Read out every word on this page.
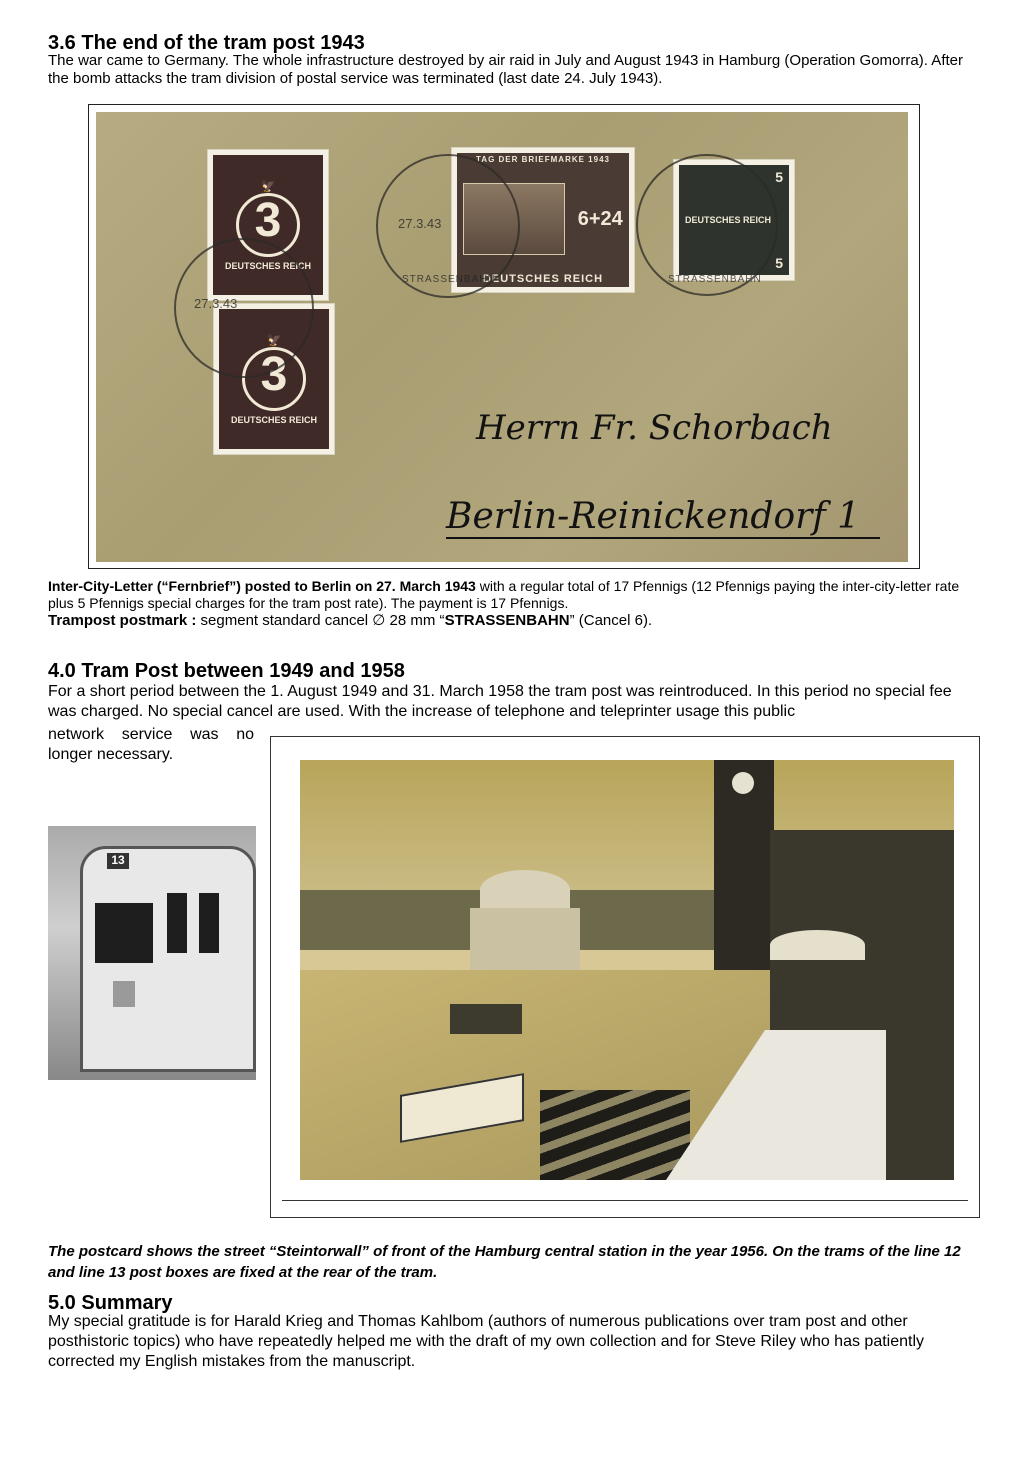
3.6 The end of the tram post 1943

The war came to Germany. The whole infrastructure destroyed by air raid in July and August 1943 in Hamburg (Operation Gomorra). After the bomb attacks the tram division of postal service was terminated (last date 24. July 1943).

🦅
3
DEUTSCHES REICH
🦅
3
DEUTSCHES REICH
TAG DER BRIEFMARKE 1943
6+24
DEUTSCHES REICH
5
DEUTSCHES REICH
5
27.3.43
27.3.43
STRASSENBAHN	STRASSENBAHN
Herrn Fr. Schorbach
Berlin-Reinickendorf 1
Inter-City-Letter (“Fernbrief”) posted to Berlin on 27. March 1943 with a regular total of 17 Pfennigs (12 Pfennigs paying the inter-city-letter rate plus 5 Pfennigs special charges for the tram post rate). The payment is 17 Pfennigs.
Trampost postmark : segment standard cancel ∅ 28 mm “STRASSENBAHN” (Cancel 6).
4.0 Tram Post between 1949 and 1958

For a short period between the 1. August 1949 and 31. March 1958 the tram post was reintroduced. In this period no special fee was charged. No special cancel are used. With the increase of telephone and teleprinter usage this public

network service was no

longer necessary.

13

The postcard shows the street “Steintorwall” of front of the Hamburg central station in the year 1956. On the trams of the line 12 and line 13 post boxes are fixed at the rear of the tram.

5.0 Summary

My special gratitude is for Harald Krieg and Thomas Kahlbom (authors of numerous publications over tram post and other posthistoric topics) who have repeatedly helped me with the draft of my own collection and for Steve Riley who has patiently corrected my English mistakes from the manuscript.
